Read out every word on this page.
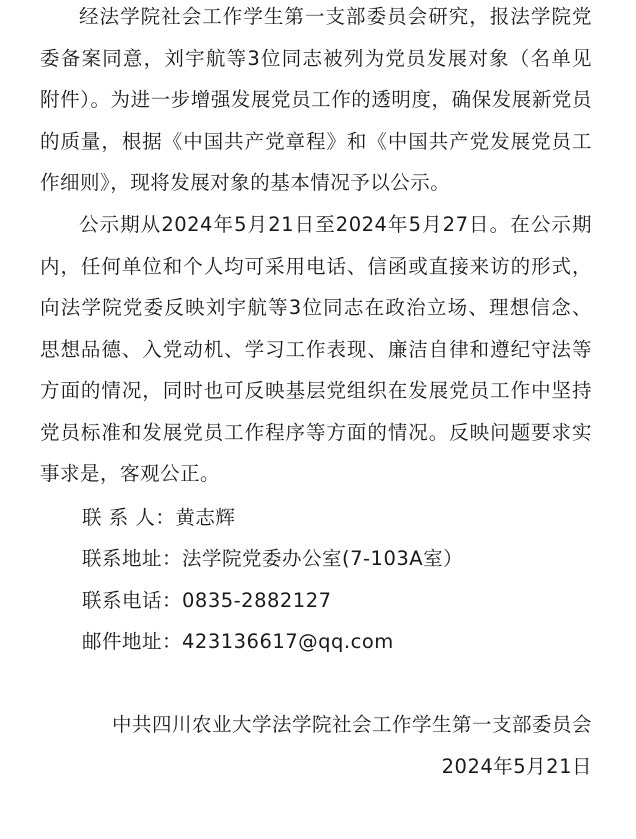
经法学院社会工作学生第一支部委员会研究，报法学院党委备案同意，刘宇航等3位同志被列为党员发展对象（名单见附件）。为进一步增强发展党员工作的透明度，确保发展新党员的质量，根据《中国共产党章程》和《中国共产党发展党员工作细则》，现将发展对象的基本情况予以公示。

公示期从2024年5月21日至2024年5月27日。在公示期内，任何单位和个人均可采用电话、信函或直接来访的形式，向法学院党委反映刘宇航等3位同志在政治立场、理想信念、思想品德、入党动机、学习工作表现、廉洁自律和遵纪守法等方面的情况，同时也可反映基层党组织在发展党员工作中坚持党员标准和发展党员工作程序等方面的情况。反映问题要求实事求是，客观公正。

联 系 人：黄志辉
联系地址：法学院党委办公室(7-103A室）
联系电话：0835-2882127
邮件地址：423136617@qq.com
中共四川农业大学法学院社会工作学生第一支部委员会
2024年5月21日
